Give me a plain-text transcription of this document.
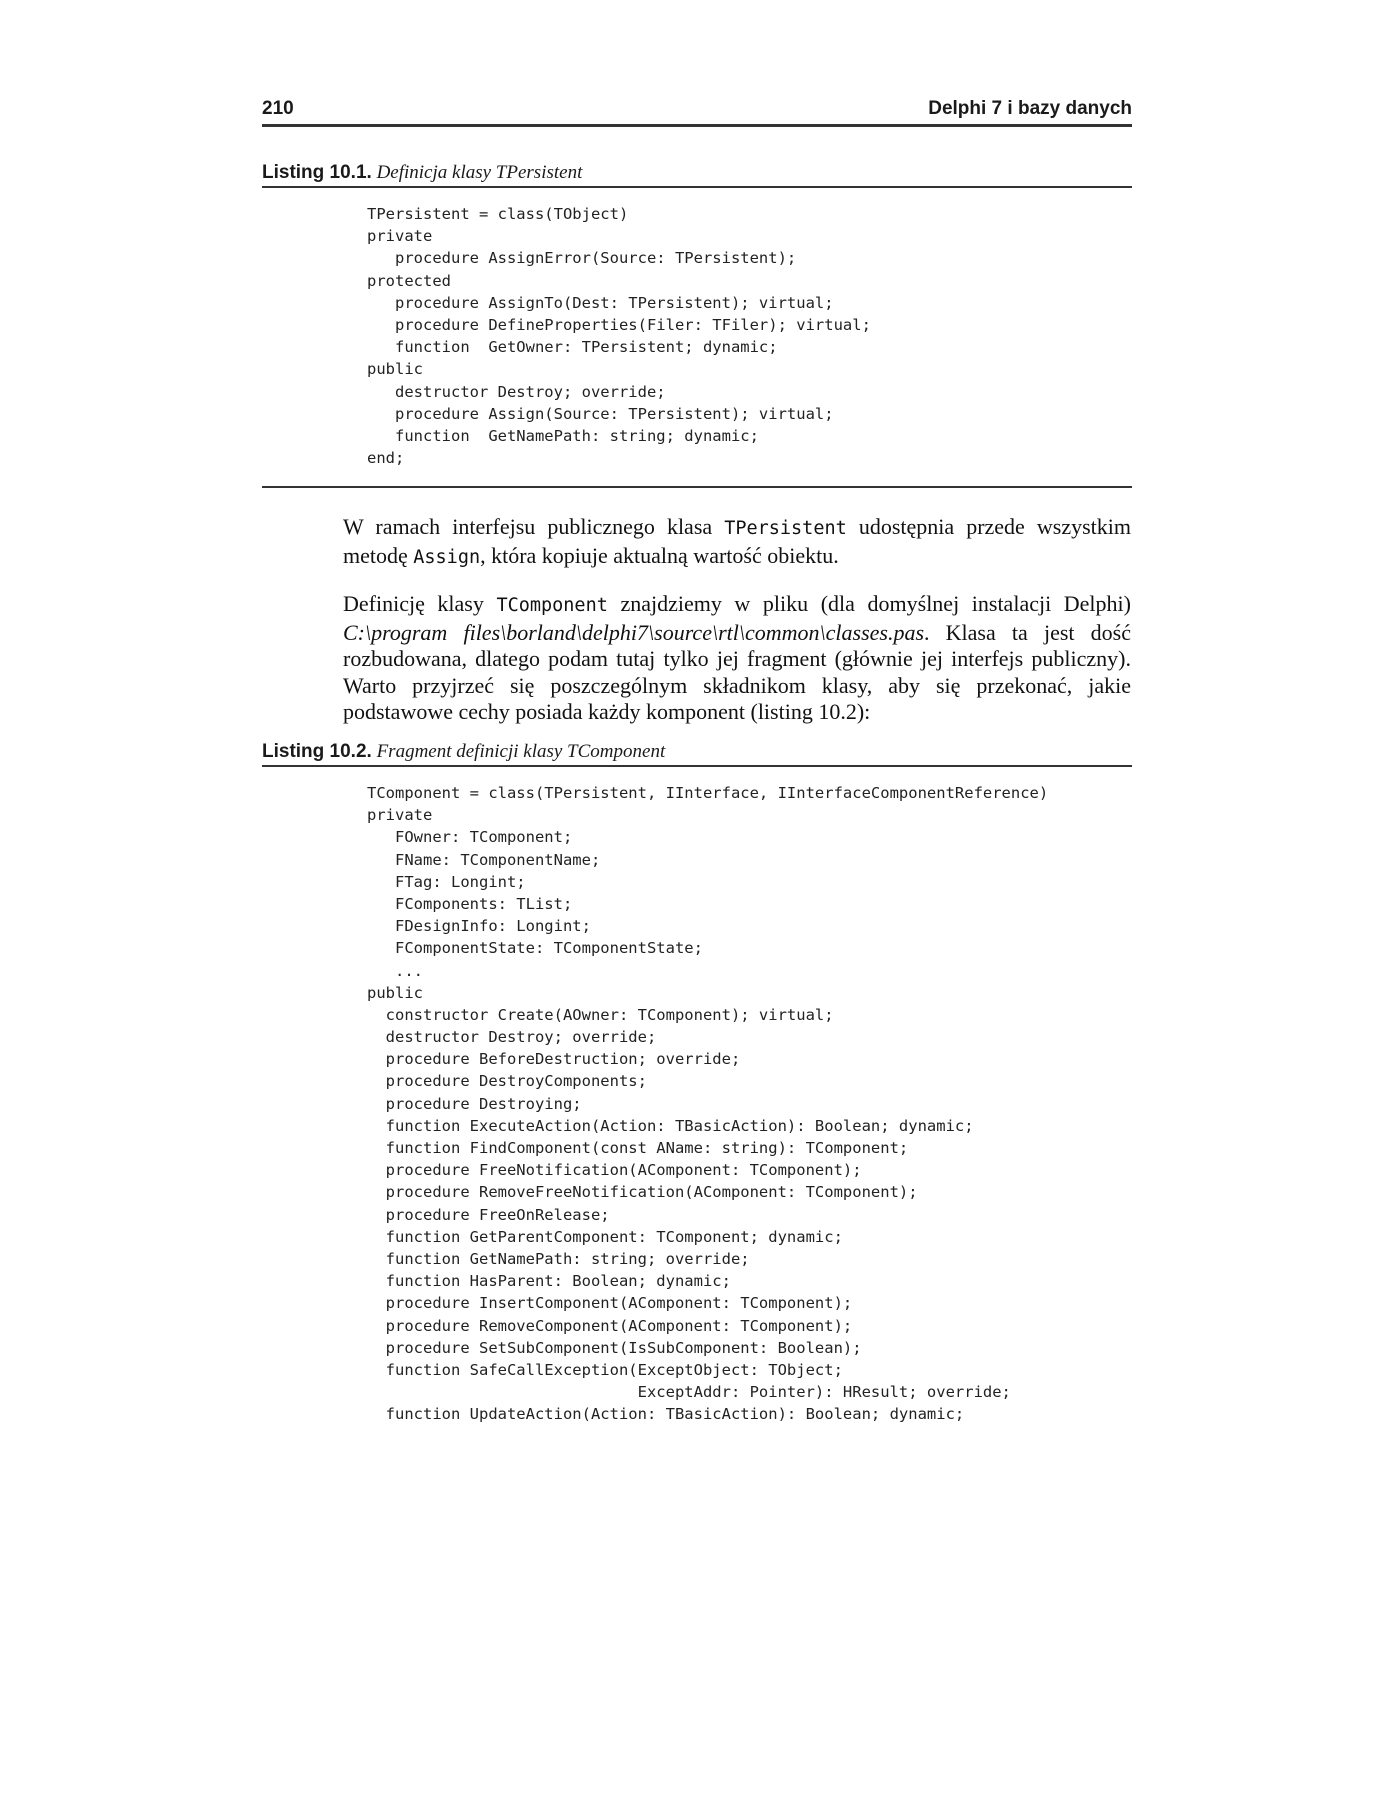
210	Delphi 7 i bazy danych
Listing 10.1. Definicja klasy TPersistent
TPersistent = class(TObject)
private
procedure AssignError(Source: TPersistent);
protected
procedure AssignTo(Dest: TPersistent); virtual;
procedure DefineProperties(Filer: TFiler); virtual;
function  GetOwner: TPersistent; dynamic;
public
destructor Destroy; override;
procedure Assign(Source: TPersistent); virtual;
function  GetNamePath: string; dynamic;
end;

W ramach interfejsu publicznego klasa TPersistent udostępnia przede wszystkim metodę Assign, która kopiuje aktualną wartość obiektu.

Definicję klasy TComponent znajdziemy w pliku (dla domyślnej instalacji Delphi) C:\program files\borland\delphi7\source\rtl\common\classes.pas. Klasa ta jest dość rozbudowana, dlatego podam tutaj tylko jej fragment (głównie jej interfejs publiczny). Warto przyjrzeć się poszczególnym składnikom klasy, aby się przekonać, jakie podstawowe cechy posiada każdy komponent (listing 10.2):

Listing 10.2. Fragment definicji klasy TComponent
TComponent = class(TPersistent, IInterface, IInterfaceComponentReference)
private
FOwner: TComponent;
FName: TComponentName;
FTag: Longint;
FComponents: TList;
FDesignInfo: Longint;
FComponentState: TComponentState;
...
public
constructor Create(AOwner: TComponent); virtual;
destructor Destroy; override;
procedure BeforeDestruction; override;
procedure DestroyComponents;
procedure Destroying;
function ExecuteAction(Action: TBasicAction): Boolean; dynamic;
function FindComponent(const AName: string): TComponent;
procedure FreeNotification(AComponent: TComponent);
procedure RemoveFreeNotification(AComponent: TComponent);
procedure FreeOnRelease;
function GetParentComponent: TComponent; dynamic;
function GetNamePath: string; override;
function HasParent: Boolean; dynamic;
procedure InsertComponent(AComponent: TComponent);
procedure RemoveComponent(AComponent: TComponent);
procedure SetSubComponent(IsSubComponent: Boolean);
function SafeCallException(ExceptObject: TObject;
ExceptAddr: Pointer): HResult; override;
function UpdateAction(Action: TBasicAction): Boolean; dynamic;
